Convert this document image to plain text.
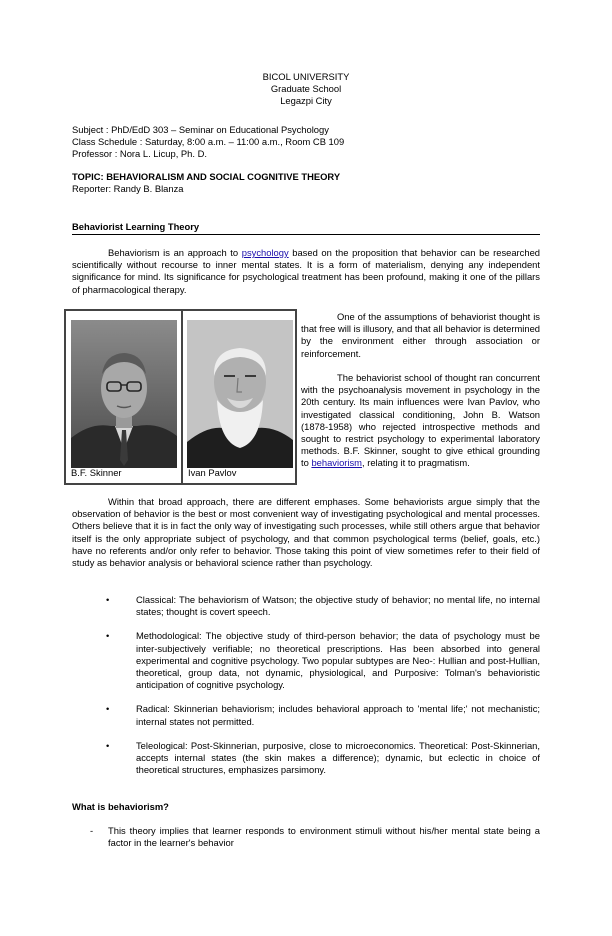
BICOL UNIVERSITY
Graduate School
Legazpi City
Subject : PhD/EdD 303 – Seminar on Educational Psychology
Class Schedule : Saturday, 8:00 a.m. – 11:00 a.m., Room CB 109
Professor : Nora L. Licup, Ph. D.
TOPIC: BEHAVIORALISM AND SOCIAL COGNITIVE THEORY
Reporter: Randy B. Blanza
Behaviorist Learning Theory
Behaviorism is an approach to psychology based on the proposition that behavior can be researched scientifically without recourse to inner mental states. It is a form of materialism, denying any independent significance for mind. Its significance for psychological treatment has been profound, making it one of the pillars of pharmacological therapy.
B.F. Skinner	Ivan Pavlov
One of the assumptions of behaviorist thought is that free will is illusory, and that all behavior is determined by the environment either through association or reinforcement.
The behaviorist school of thought ran concurrent with the psychoanalysis movement in psychology in the 20th century. Its main influences were Ivan Pavlov, who investigated classical conditioning, John B. Watson (1878-1958) who rejected introspective methods and sought to restrict psychology to experimental laboratory methods. B.F. Skinner, sought to give ethical grounding to behaviorism, relating it to pragmatism.
Within that broad approach, there are different emphases. Some behaviorists argue simply that the observation of behavior is the best or most convenient way of investigating psychological and mental processes. Others believe that it is in fact the only way of investigating such processes, while still others argue that behavior itself is the only appropriate subject of psychology, and that common psychological terms (belief, goals, etc.) have no referents and/or only refer to behavior. Those taking this point of view sometimes refer to their field of study as behavior analysis or behavioral science rather than psychology.
•	Classical: The behaviorism of Watson; the objective study of behavior; no mental life, no internal states; thought is covert speech.
•	Methodological: The objective study of third-person behavior; the data of psychology must be inter-subjectively verifiable; no theoretical prescriptions. Has been absorbed into general experimental and cognitive psychology. Two popular subtypes are Neo-: Hullian and post-Hullian, theoretical, group data, not dynamic, physiological, and Purposive: Tolman's behavioristic anticipation of cognitive psychology.
•	Radical: Skinnerian behaviorism; includes behavioral approach to 'mental life;' not mechanistic; internal states not permitted.
•	Teleological: Post-Skinnerian, purposive, close to microeconomics. Theoretical: Post-Skinnerian, accepts internal states (the skin makes a difference); dynamic, but eclectic in choice of theoretical structures, emphasizes parsimony.
What is behaviorism?
- This theory implies that learner responds to environment stimuli without his/her mental state being a factor in the learner's behavior
